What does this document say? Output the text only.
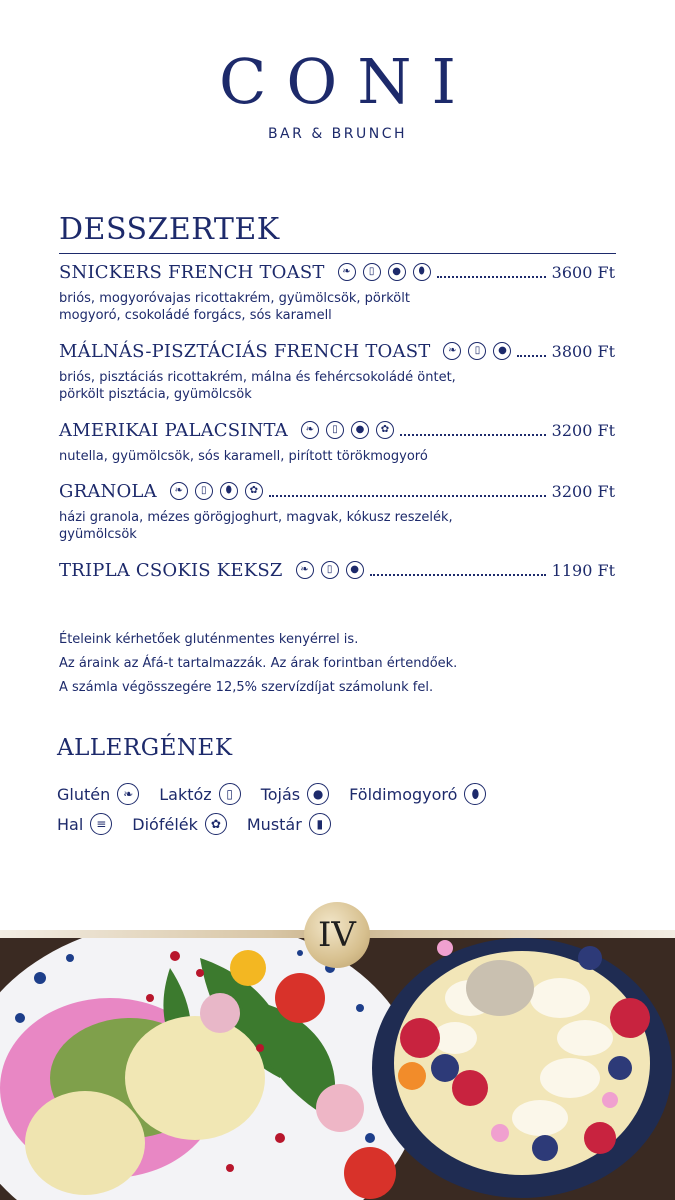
CONI
BAR & BRUNCH
DESSZERTEK
SNICKERS FRENCH TOAST	❧	▯	●	⬮	3600 Ft
briós, mogyoróvajas ricottakrém, gyümölcsök, pörkölt mogyoró, csokoládé forgács, sós karamell
MÁLNÁS-PISZTÁCIÁS FRENCH TOAST	❧	▯	●	3800 Ft
briós, pisztáciás ricottakrém, málna és fehércsokoládé öntet, pörkölt pisztácia, gyümölcsök
AMERIKAI PALACSINTA	❧	▯	●	✿	3200 Ft
nutella, gyümölcsök, sós karamell, pirított törökmogyoró
GRANOLA	❧	▯	⬮	✿	3200 Ft
házi granola, mézes görögjoghurt, magvak, kókusz reszelék, gyümölcsök
TRIPLA CSOKIS KEKSZ	❧	▯	●	1190 Ft
Ételeink kérhetőek gluténmentes kenyérrel is.
Az áraink az Áfá-t tartalmazzák. Az árak forintban értendőek.
A számla végösszegére 12,5% szervízdíjat számolunk fel.
ALLERGÉNEK
Glutén	❧	Laktóz	▯	Tojás	●	Földimogyoró	⬮
Hal	≡	Diófélék	✿	Mustár	▮
IV
